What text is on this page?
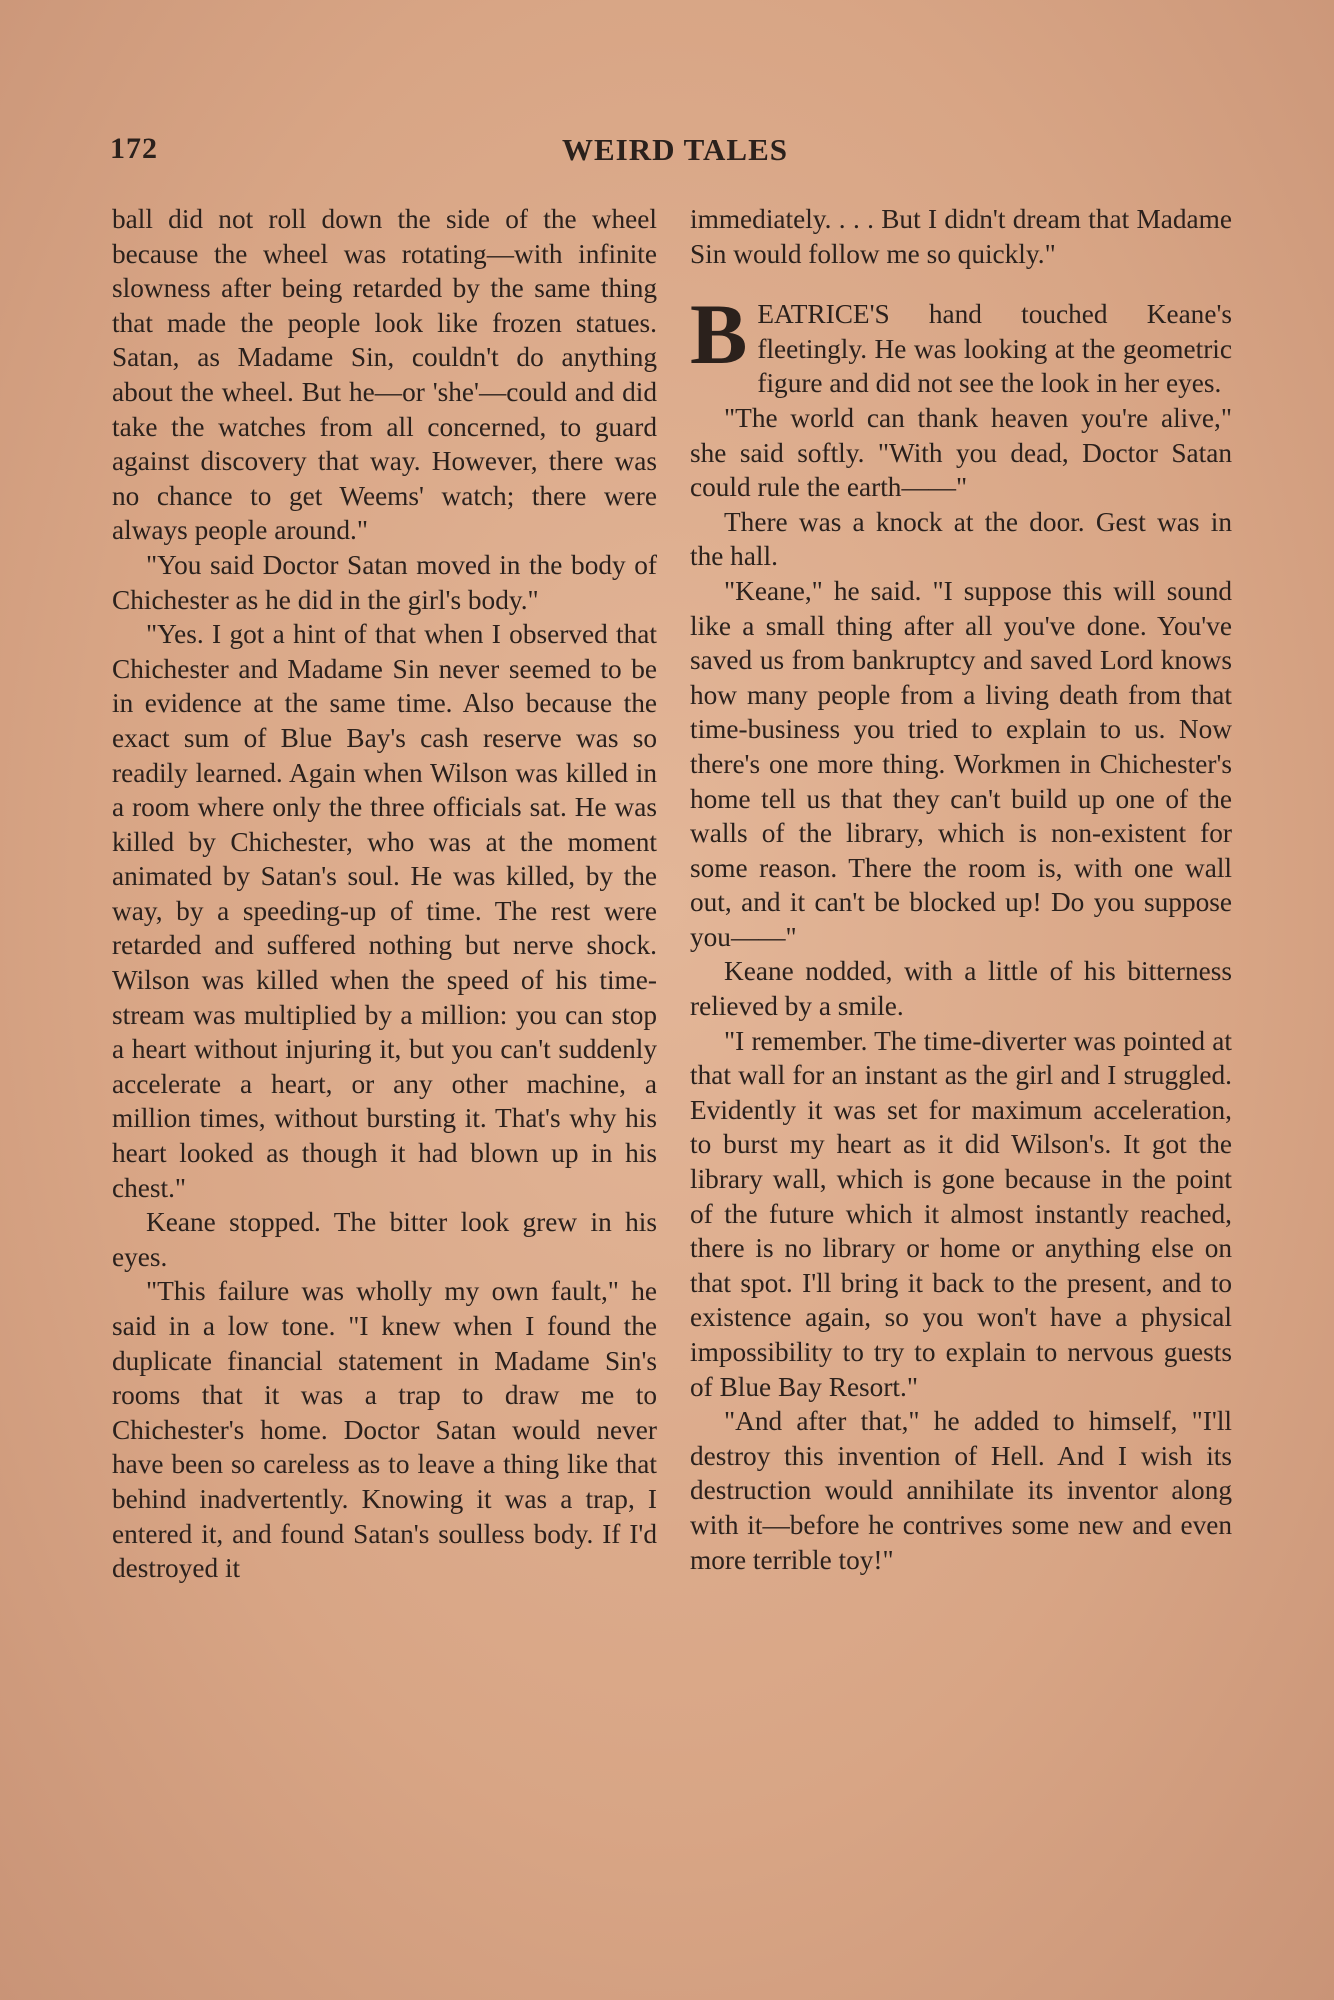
172	WEIRD TALES

ball did not roll down the side of the wheel because the wheel was rotating—with infinite slowness after being retarded by the same thing that made the people look like frozen statues. Satan, as Madame Sin, couldn't do anything about the wheel. But he—or 'she'—could and did take the watches from all concerned, to guard against discovery that way. However, there was no chance to get Weems' watch; there were always people around."

"You said Doctor Satan moved in the body of Chichester as he did in the girl's body."

"Yes. I got a hint of that when I observed that Chichester and Madame Sin never seemed to be in evidence at the same time. Also because the exact sum of Blue Bay's cash reserve was so readily learned. Again when Wilson was killed in a room where only the three officials sat. He was killed by Chichester, who was at the moment animated by Satan's soul. He was killed, by the way, by a speeding-up of time. The rest were retarded and suffered nothing but nerve shock. Wilson was killed when the speed of his time-stream was multiplied by a million: you can stop a heart without injuring it, but you can't suddenly accelerate a heart, or any other machine, a million times, without bursting it. That's why his heart looked as though it had blown up in his chest."

Keane stopped. The bitter look grew in his eyes.

"This failure was wholly my own fault," he said in a low tone. "I knew when I found the duplicate financial statement in Madame Sin's rooms that it was a trap to draw me to Chichester's home. Doctor Satan would never have been so careless as to leave a thing like that behind inadvertently. Knowing it was a trap, I entered it, and found Satan's soulless body. If I'd destroyed it

immediately. . . . But I didn't dream that Madame Sin would follow me so quickly."

BEATRICE'S hand touched Keane's fleetingly. He was looking at the geometric figure and did not see the look in her eyes.

"The world can thank heaven you're alive," she said softly. "With you dead, Doctor Satan could rule the earth——"

There was a knock at the door. Gest was in the hall.

"Keane," he said. "I suppose this will sound like a small thing after all you've done. You've saved us from bankruptcy and saved Lord knows how many people from a living death from that time-business you tried to explain to us. Now there's one more thing. Workmen in Chichester's home tell us that they can't build up one of the walls of the library, which is non-existent for some reason. There the room is, with one wall out, and it can't be blocked up! Do you suppose you——"

Keane nodded, with a little of his bitterness relieved by a smile.

"I remember. The time-diverter was pointed at that wall for an instant as the girl and I struggled. Evidently it was set for maximum acceleration, to burst my heart as it did Wilson's. It got the library wall, which is gone because in the point of the future which it almost instantly reached, there is no library or home or anything else on that spot. I'll bring it back to the present, and to existence again, so you won't have a physical impossibility to try to explain to nervous guests of Blue Bay Resort."

"And after that," he added to himself, "I'll destroy this invention of Hell. And I wish its destruction would annihilate its inventor along with it—before he contrives some new and even more terrible toy!"
